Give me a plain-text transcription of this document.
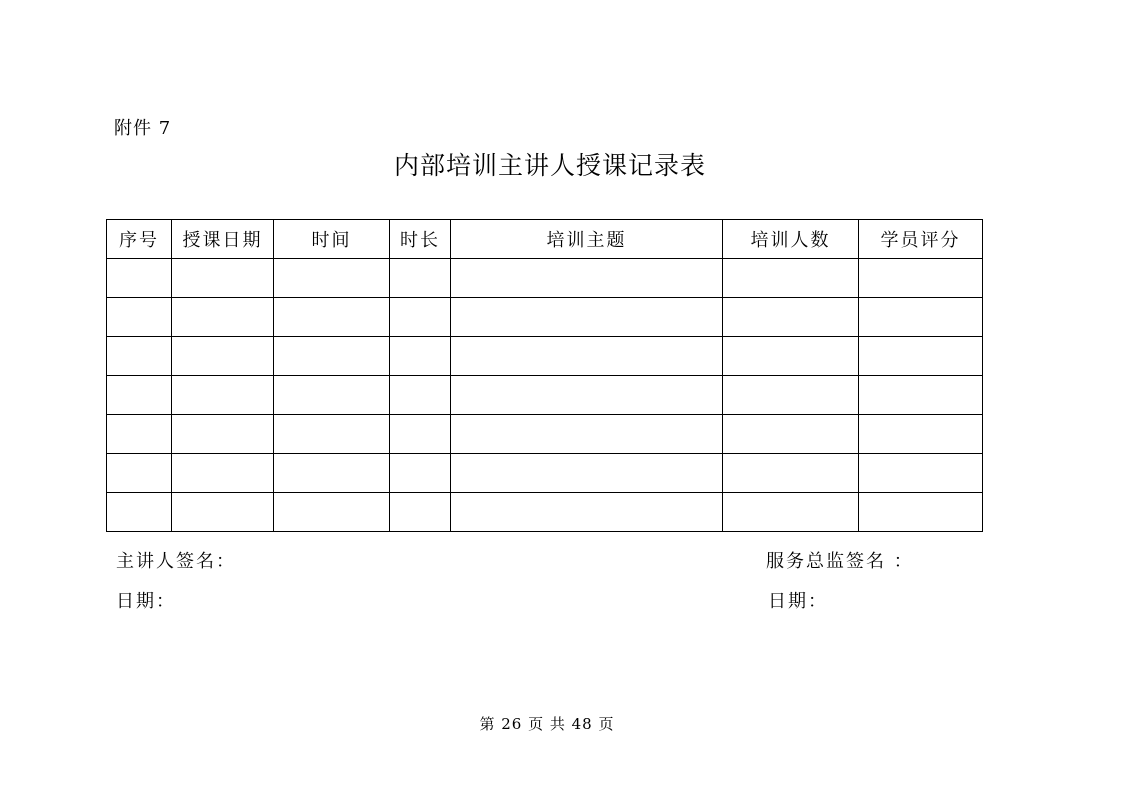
附件 7
内部培训主讲人授课记录表
序号	授课日期	时间	时长	培训主题	培训人数	学员评分

主讲人签名：
日期：
服务总监签名 ：
日期：
第 26 页 共 48 页
